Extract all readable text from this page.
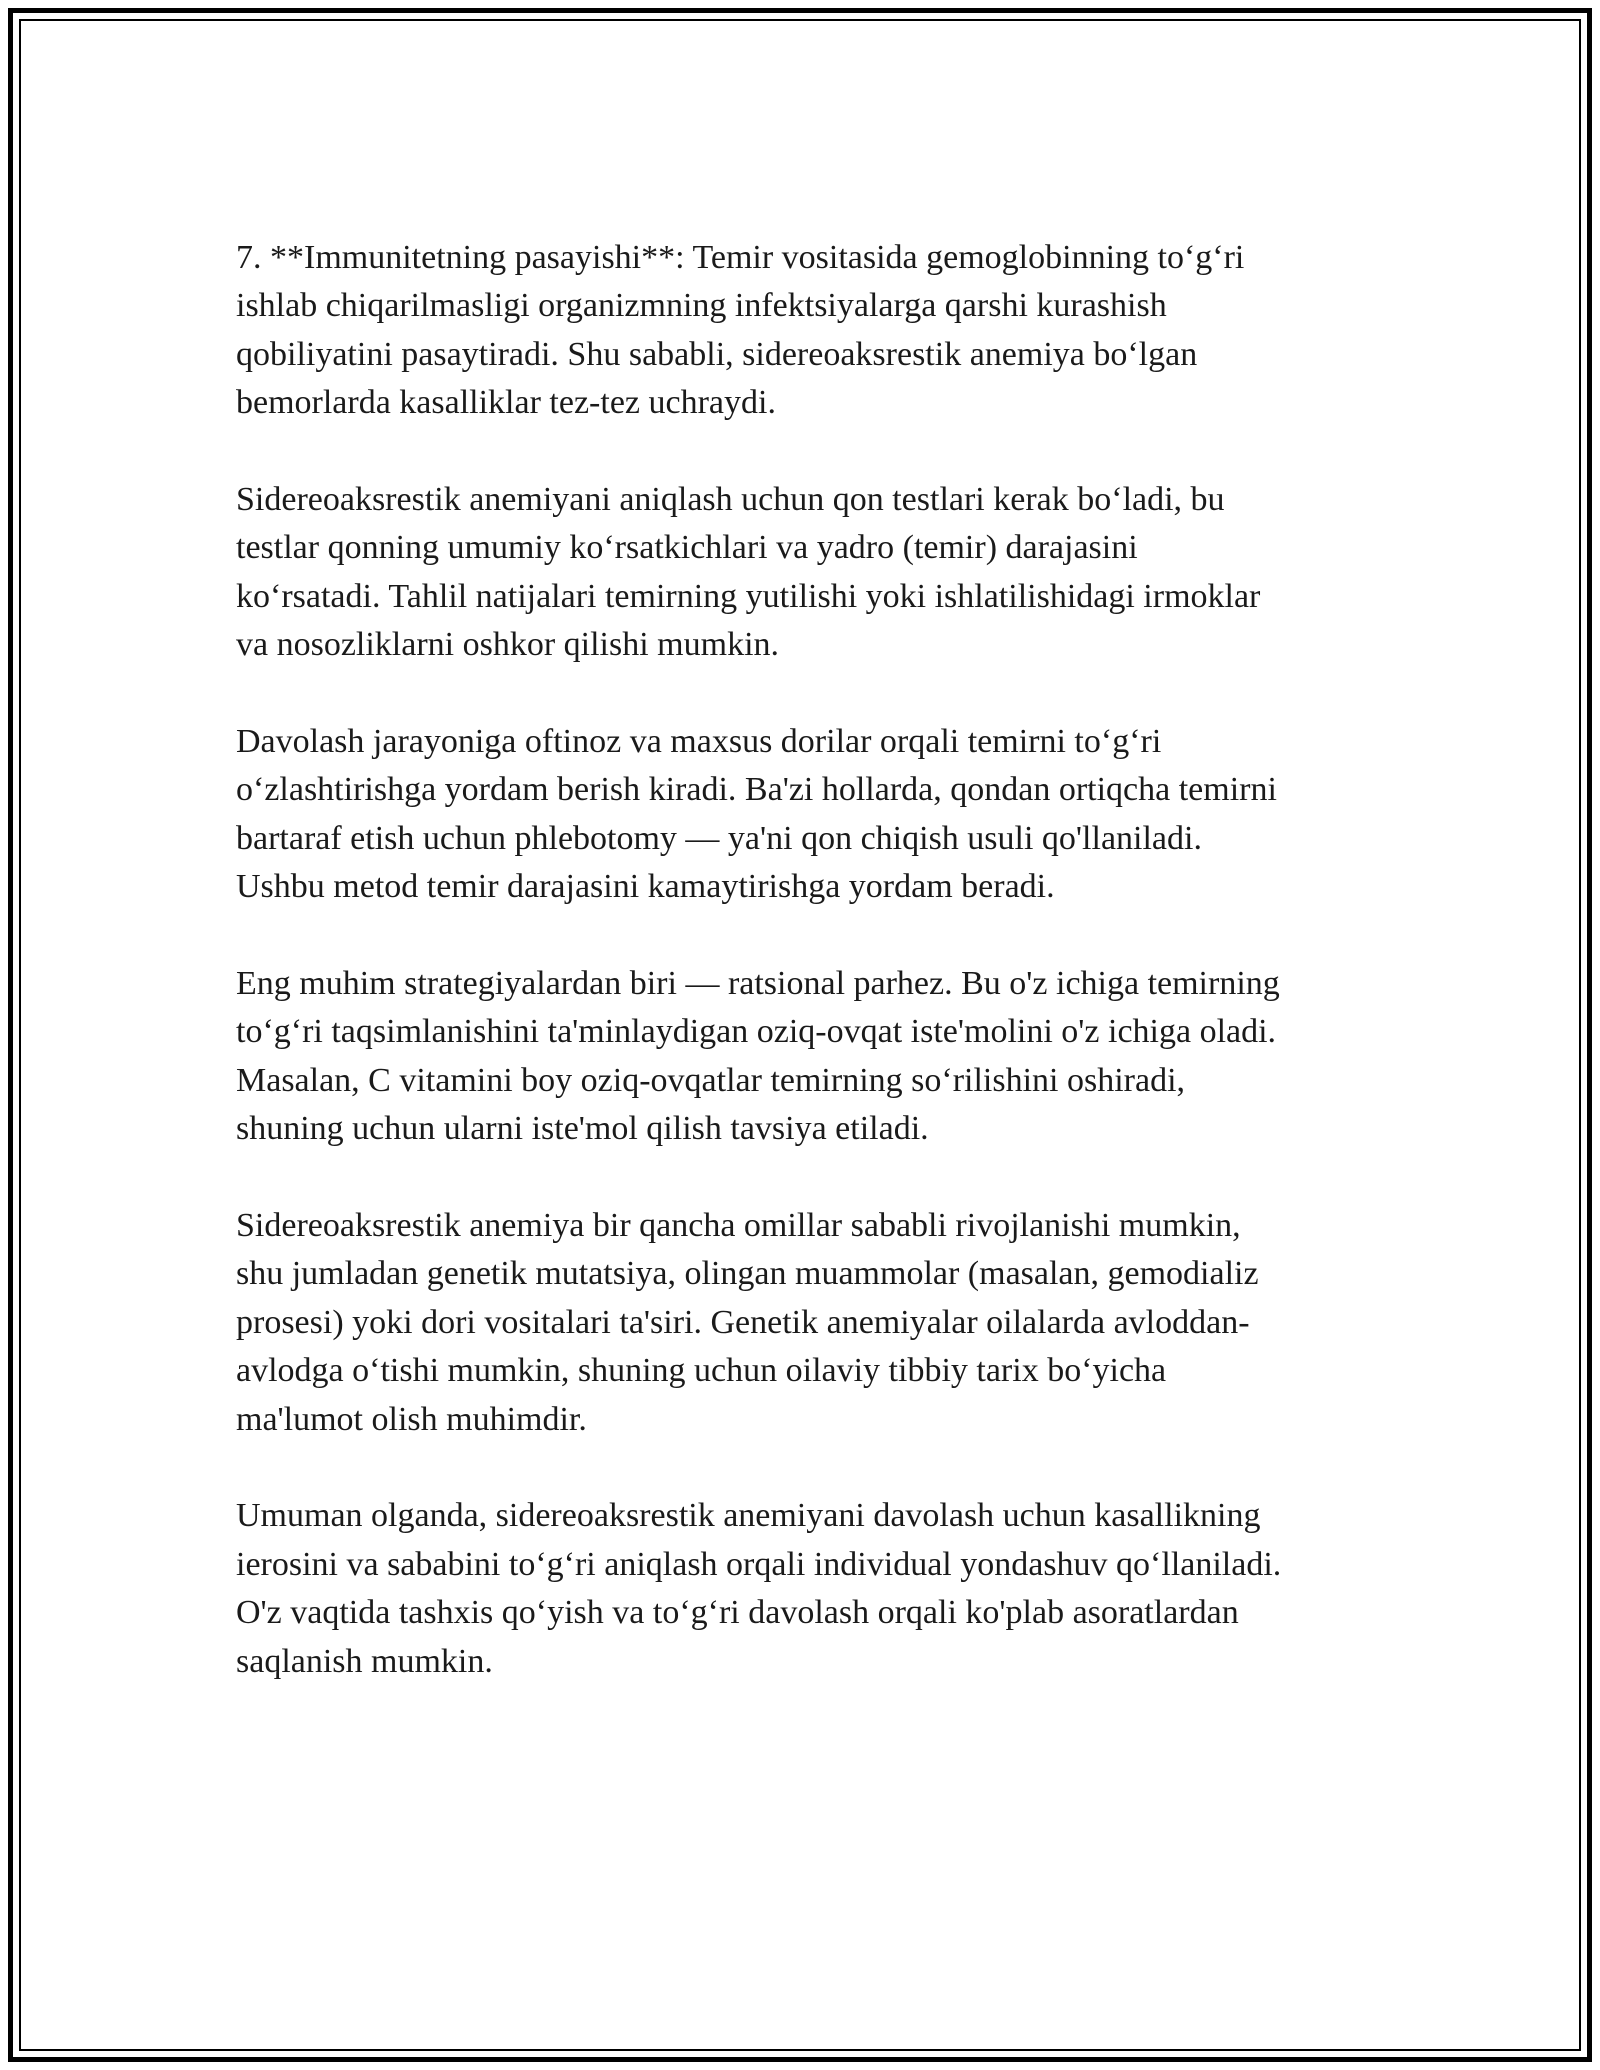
7. **Immunitetning pasayishi**: Temir vositasida gemoglobinning to‘g‘ri
ishlab chiqarilmasligi organizmning infektsiyalarga qarshi kurashish
qobiliyatini pasaytiradi. Shu sababli, sidereoaksrestik anemiya bo‘lgan
bemorlarda kasalliklar tez-tez uchraydi.

Sidereoaksrestik anemiyani aniqlash uchun qon testlari kerak bo‘ladi, bu
testlar qonning umumiy ko‘rsatkichlari va yadro (temir) darajasini
ko‘rsatadi. Tahlil natijalari temirning yutilishi yoki ishlatilishidagi irmoklar
va nosozliklarni oshkor qilishi mumkin.

Davolash jarayoniga oftinoz va maxsus dorilar orqali temirni to‘g‘ri
o‘zlashtirishga yordam berish kiradi. Ba'zi hollarda, qondan ortiqcha temirni
bartaraf etish uchun phlebotomy — ya'ni qon chiqish usuli qo'llaniladi.
Ushbu metod temir darajasini kamaytirishga yordam beradi.

Eng muhim strategiyalardan biri — ratsional parhez. Bu o'z ichiga temirning
to‘g‘ri taqsimlanishini ta'minlaydigan oziq-ovqat iste'molini o'z ichiga oladi.
Masalan, C vitamini boy oziq-ovqatlar temirning so‘rilishini oshiradi,
shuning uchun ularni iste'mol qilish tavsiya etiladi.

Sidereoaksrestik anemiya bir qancha omillar sababli rivojlanishi mumkin,
shu jumladan genetik mutatsiya, olingan muammolar (masalan, gemodializ
prosesi) yoki dori vositalari ta'siri. Genetik anemiyalar oilalarda avloddan-
avlodga o‘tishi mumkin, shuning uchun oilaviy tibbiy tarix bo‘yicha
ma'lumot olish muhimdir.

Umuman olganda, sidereoaksrestik anemiyani davolash uchun kasallikning
ierosini va sababini to‘g‘ri aniqlash orqali individual yondashuv qo‘llaniladi.
O'z vaqtida tashxis qo‘yish va to‘g‘ri davolash orqali ko'plab asoratlardan
saqlanish mumkin.
